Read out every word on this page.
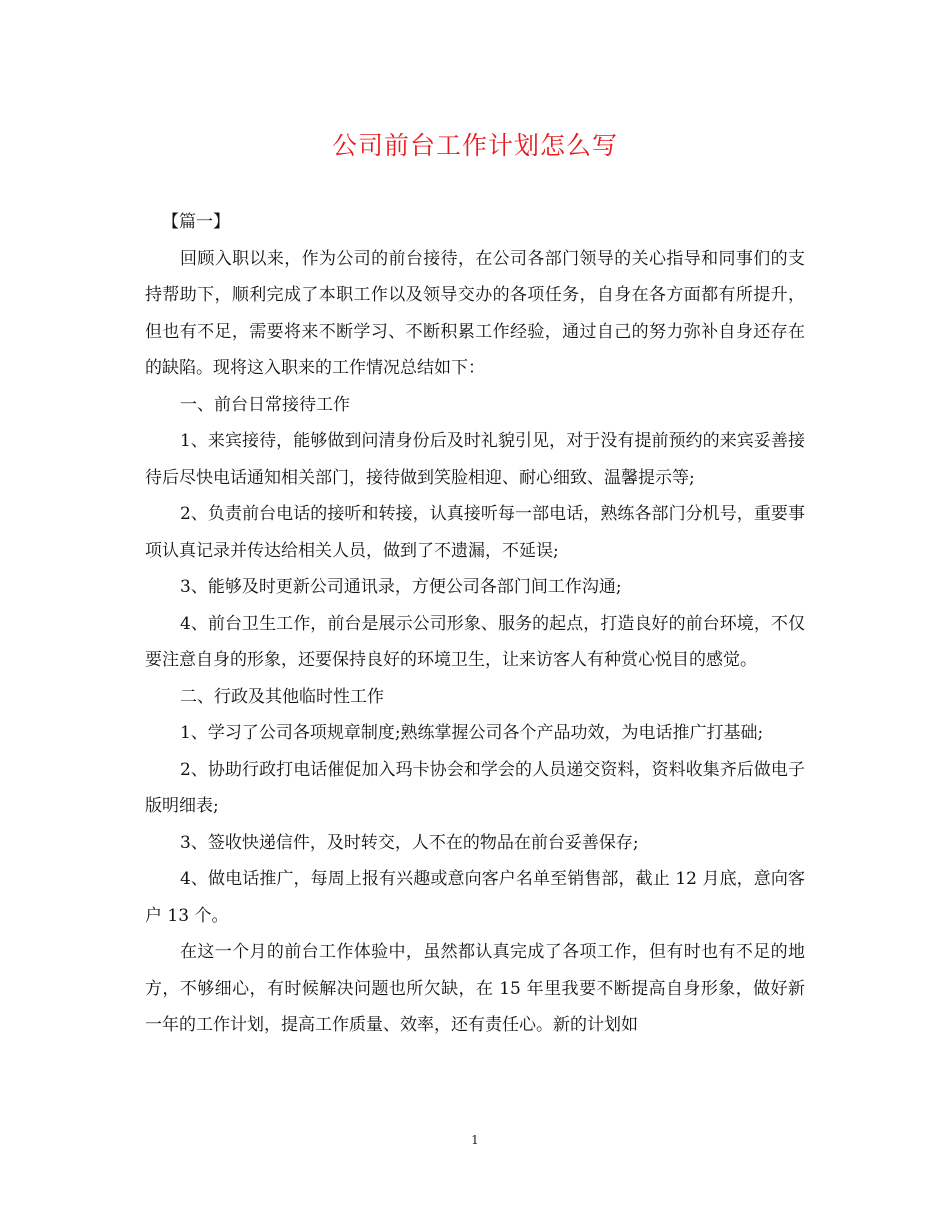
公司前台工作计划怎么写

【篇一】

回顾入职以来，作为公司的前台接待，在公司各部门领导的关心指导和同事们的支持帮助下，顺利完成了本职工作以及领导交办的各项任务，自身在各方面都有所提升，但也有不足，需要将来不断学习、不断积累工作经验，通过自己的努力弥补自身还存在的缺陷。现将这入职来的工作情况总结如下：

一、前台日常接待工作

1、来宾接待，能够做到问清身份后及时礼貌引见，对于没有提前预约的来宾妥善接待后尽快电话通知相关部门，接待做到笑脸相迎、耐心细致、温馨提示等;

2、负责前台电话的接听和转接，认真接听每一部电话，熟练各部门分机号，重要事项认真记录并传达给相关人员，做到了不遗漏，不延误;

3、能够及时更新公司通讯录，方便公司各部门间工作沟通;

4、前台卫生工作，前台是展示公司形象、服务的起点，打造良好的前台环境，不仅要注意自身的形象，还要保持良好的环境卫生，让来访客人有种赏心悦目的感觉。

二、行政及其他临时性工作

1、学习了公司各项规章制度;熟练掌握公司各个产品功效，为电话推广打基础;

2、协助行政打电话催促加入玛卡协会和学会的人员递交资料，资料收集齐后做电子版明细表;

3、签收快递信件，及时转交，人不在的物品在前台妥善保存;

4、做电话推广，每周上报有兴趣或意向客户名单至销售部，截止 12 月底，意向客户 13 个。

在这一个月的前台工作体验中，虽然都认真完成了各项工作，但有时也有不足的地方，不够细心，有时候解决问题也所欠缺，在 15 年里我要不断提高自身形象，做好新一年的工作计划，提高工作质量、效率，还有责任心。新的计划如

1
